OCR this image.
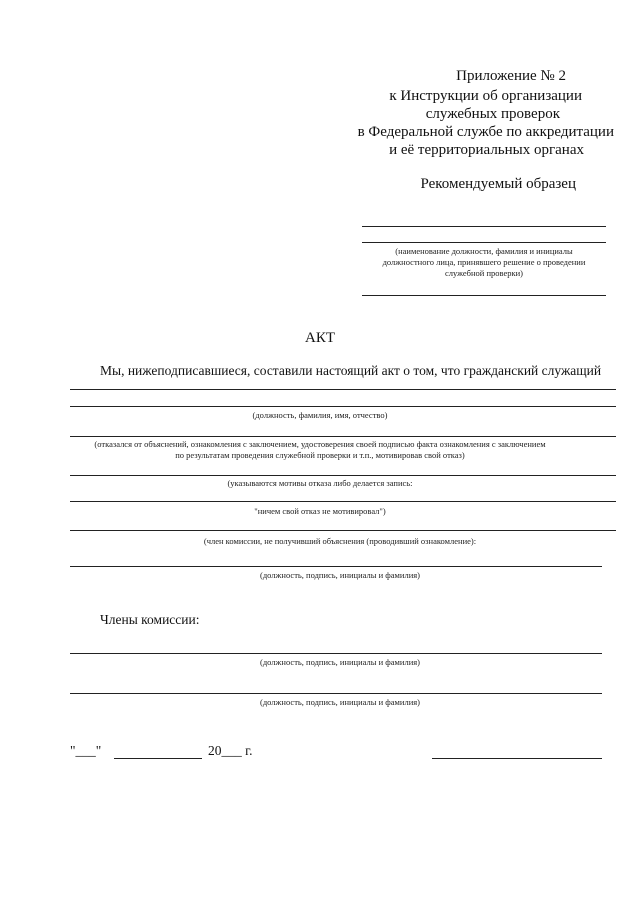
Приложение № 2
к Инструкции об организации
служебных проверок
в Федеральной службе по аккредитации
и её территориальных органах
Рекомендуемый образец
(наименование должности, фамилия и инициалы
должностного лица, принявшего решение о проведении
служебной проверки)
АКТ
Мы, нижеподписавшиеся, составили настоящий акт о том, что гражданский служащий
(должность, фамилия, имя, отчество)
(отказался от объяснений, ознакомления с заключением, удостоверения своей подписью факта ознакомления с заключением
по результатам проведения служебной проверки и т.п., мотивировав свой отказ)
(указываются мотивы отказа либо делается запись:
"ничем свой отказ не мотивировал")
(член комиссии, не получивший объяснения (проводивший ознакомление):
(должность, подпись, инициалы и фамилия)
Члены комиссии:
(должность, подпись, инициалы и фамилия)
(должность, подпись, инициалы и фамилия)
"___"	20___ г.
